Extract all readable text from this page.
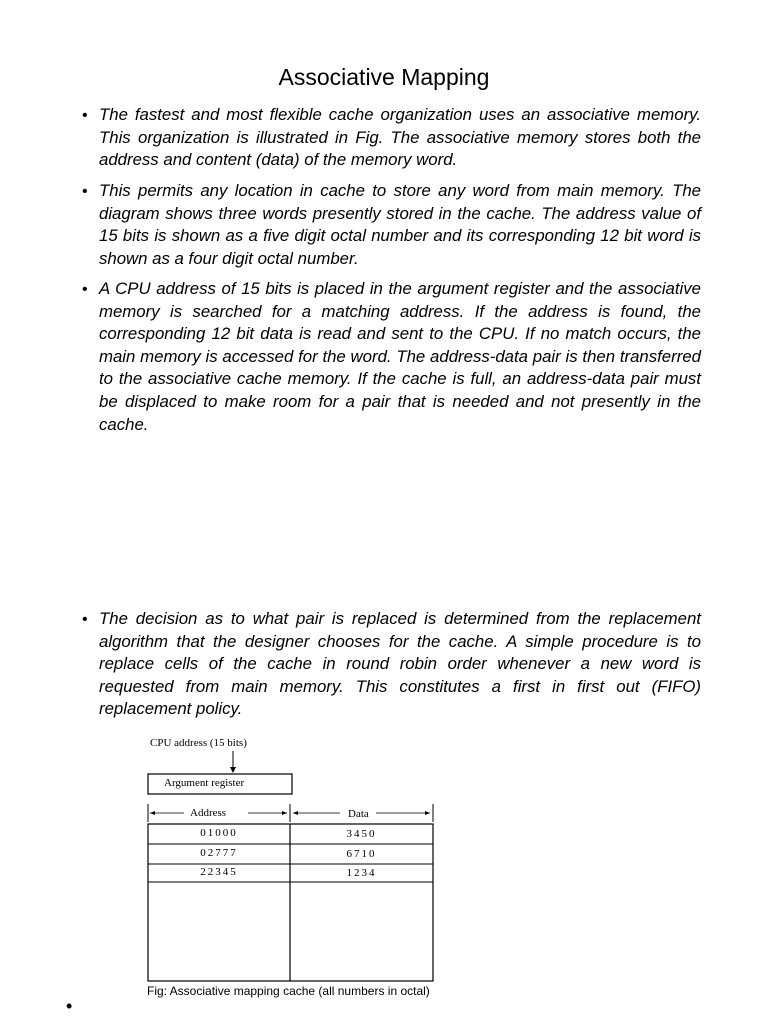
Associative Mapping
• The fastest and most flexible cache organization uses an associative memory. This organization is illustrated in Fig. The associative memory stores both the address and content (data) of the memory word.

• This permits any location in cache to store any word from main memory. The diagram shows three words presently stored in the cache. The address value of 15 bits is shown as a five digit octal number and its corresponding 12 bit word is shown as a four digit octal number.

• A CPU address of 15 bits is placed in the argument register and the associative memory is searched for a matching address. If the address is found, the corresponding 12 bit data is read and sent to the CPU. If no match occurs, the main memory is accessed for the word. The address-data pair is then transferred to the associative cache memory. If the cache is full, an address-data pair must be displaced to make room for a pair that is needed and not presently in the cache.

• The decision as to what pair is replaced is determined from the replacement algorithm that the designer chooses for the cache. A simple procedure is to replace cells of the cache in round robin order whenever a new word is requested from main memory. This constitutes a first in first out (FIFO) replacement policy.

CPU address (15 bits)
Argument register
Address	Data
01000	3450
02777	6710
22345	1234
Fig: Associative mapping cache (all numbers in octal)
•
